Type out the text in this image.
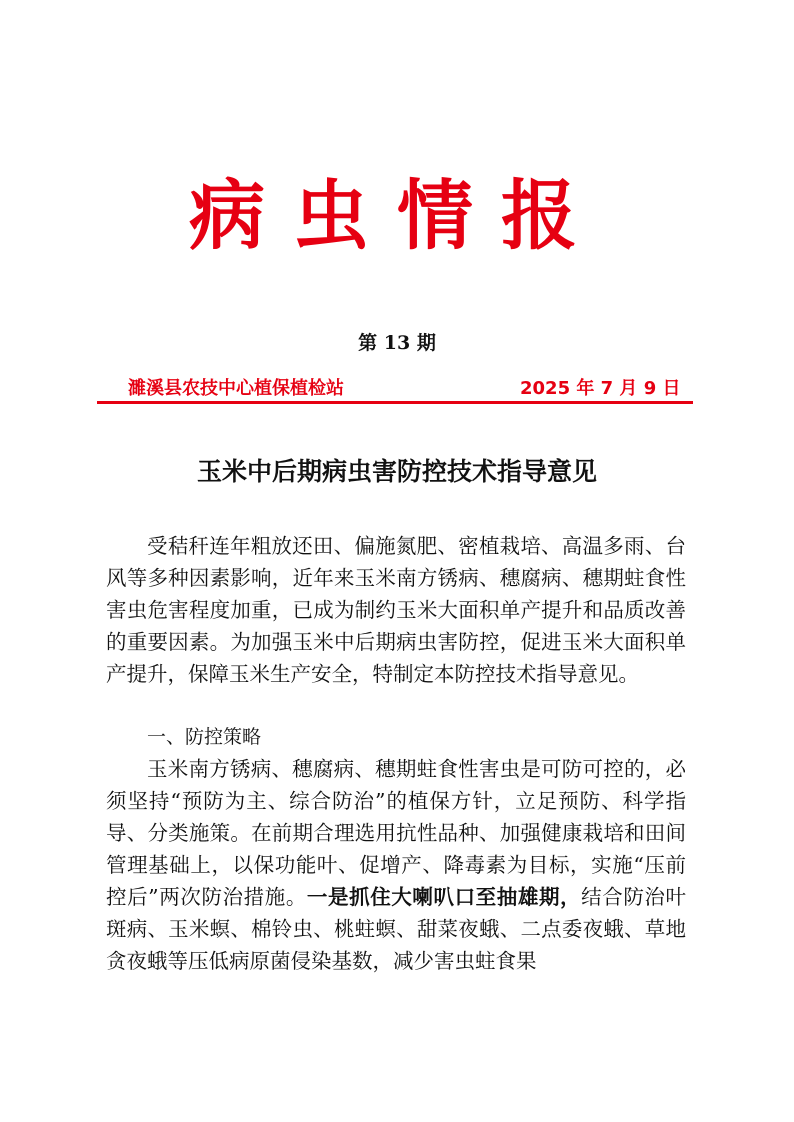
病虫情报
第 13 期
濉溪县农技中心植保植检站	2025 年 7 月 9 日
玉米中后期病虫害防控技术指导意见
受秸秆连年粗放还田、偏施氮肥、密植栽培、高温多雨、台风等多种因素影响，近年来玉米南方锈病、穗腐病、穗期蛀食性害虫危害程度加重，已成为制约玉米大面积单产提升和品质改善的重要因素。为加强玉米中后期病虫害防控，促进玉米大面积单产提升，保障玉米生产安全，特制定本防控技术指导意见。
一、防控策略
玉米南方锈病、穗腐病、穗期蛀食性害虫是可防可控的，必须坚持“预防为主、综合防治”的植保方针，立足预防、科学指导、分类施策。在前期合理选用抗性品种、加强健康栽培和田间管理基础上，以保功能叶、促增产、降毒素为目标，实施“压前控后”两次防治措施。一是抓住大喇叭口至抽雄期，结合防治叶斑病、玉米螟、棉铃虫、桃蛀螟、甜菜夜蛾、二点委夜蛾、草地贪夜蛾等压低病原菌侵染基数，减少害虫蛀食果
